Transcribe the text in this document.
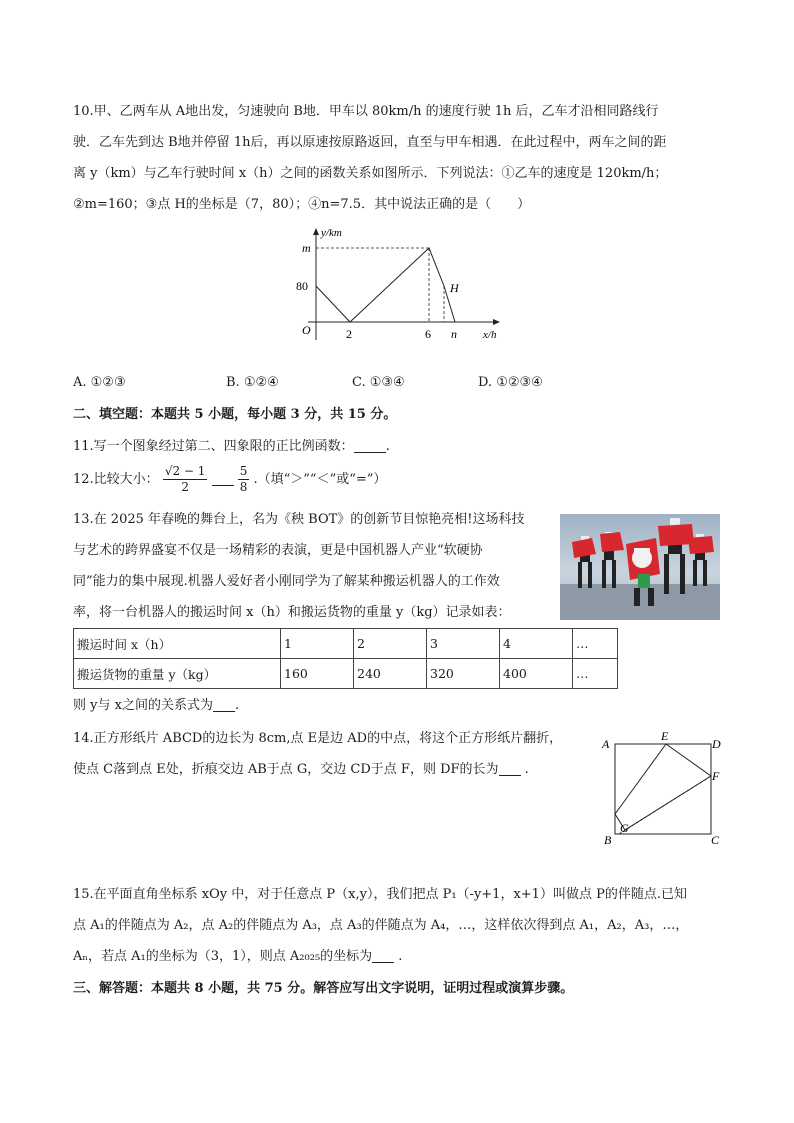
10.甲、乙两车从 A地出发，匀速驶向 B地．甲车以 80km/h 的速度行驶 1h 后，乙车才沿相同路线行
驶．乙车先到达 B地并停留 1h后，再以原速按原路返回，直至与甲车相遇．在此过程中，两车之间的距
离 y（km）与乙车行驶时间 x（h）之间的函数关系如图所示．下列说法：①乙车的速度是 120km/h；
②m=160；③点 H的坐标是（7，80）；④n=7.5．其中说法正确的是（　　）
y/km
x/h
O
m
80
2	6 n
H
A. ①②③	B. ①②④	C. ①③④	D. ①②③④
二、填空题：本题共 5 小题，每小题 3 分，共 15 分。
11.写一个图象经过第二、四象限的正比例函数： .
12.比较大小： $\frac{√2 - 1}{2}$
	$\frac{5}{8}$ .（填“＞”“＜”或“=”）
13.在 2025 年春晚的舞台上，名为《秧 BOT》的创新节目惊艳亮相!这场科技
与艺术的跨界盛宴不仅是一场精彩的表演，更是中国机器人产业“软硬协
同”能力的集中展现.机器人爱好者小刚同学为了解某种搬运机器人的工作效
率，将一台机器人的搬运时间 x（h）和搬运货物的重量 y（kg）记录如表：
搬运时间 x（h）	1	2	3	4	…
搬运货物的重量 y（kg）	160	240	320	400	…
则 y与 x之间的关系式为 .
14.正方形纸片 ABCD的边长为 8cm,点 E是边 AD的中点，将这个正方形纸片翻折，
使点 C落到点 E处，折痕交边 AB于点 G，交边 CD于点 F，则 DF的长为 .
A
E
D
F
G
B	C
15.在平面直角坐标系 xOy 中，对于任意点 P（x,y），我们把点 P₁（-y+1，x+1）叫做点 P的伴随点.已知
点 A₁的伴随点为 A₂，点 A₂的伴随点为 A₃，点 A₃的伴随点为 A₄，…，这样依次得到点 A₁，A₂，A₃，…，
Aₙ，若点 A₁的坐标为（3，1），则点 A₂₀₂₅的坐标为 .
三、解答题：本题共 8 小题，共 75 分。解答应写出文字说明，证明过程或演算步骤。
